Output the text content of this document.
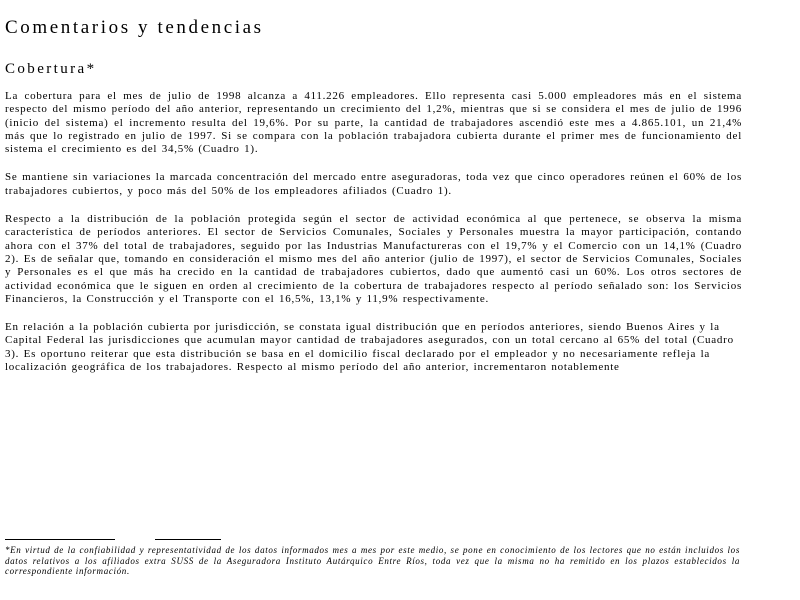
Comentarios y tendencias
Cobertura*

La cobertura para el mes de julio de 1998 alcanza a 411.226 empleadores. Ello representa casi 5.000 empleadores más en el sistema respecto del mismo período del año anterior, representando un crecimiento del 1,2%, mientras que si se considera el mes de julio de 1996 (inicio del sistema) el incremento resulta del 19,6%. Por su parte, la cantidad de trabajadores ascendió este mes a 4.865.101, un 21,4% más que lo registrado en julio de 1997. Si se compara con la población trabajadora cubierta durante el primer mes de funcionamiento del sistema el crecimiento es del 34,5% (Cuadro 1).

Se mantiene sin variaciones la marcada concentración del mercado entre aseguradoras, toda vez que cinco operadores reúnen el 60% de los trabajadores cubiertos, y poco más del 50% de los empleadores afiliados (Cuadro 1).

Respecto a la distribución de la población protegida según el sector de actividad económica al que pertenece, se observa la misma característica de períodos anteriores. El sector de Servicios Comunales, Sociales y Personales muestra la mayor participación, contando ahora con el 37% del total de trabajadores, seguido por las Industrias Manufactureras con el 19,7% y el Comercio con un 14,1% (Cuadro 2). Es de señalar que, tomando en consideración el mismo mes del año anterior (julio de 1997), el sector de Servicios Comunales, Sociales y Personales es el que más ha crecido en la cantidad de trabajadores cubiertos, dado que aumentó casi un 60%. Los otros sectores de actividad económica que le siguen en orden al crecimiento de la cobertura de trabajadores respecto al período señalado son: los Servicios Financieros, la Construcción y el Transporte con el 16,5%, 13,1% y 11,9% respectivamente.

En relación a la población cubierta por jurisdicción, se constata igual distribución que en períodos anteriores, siendo Buenos Aires y la Capital Federal las jurisdicciones que acumulan mayor cantidad de trabajadores asegurados, con un total cercano al 65% del total (Cuadro 3). Es oportuno reiterar que esta distribución se basa en el domicilio fiscal declarado por el empleador y no necesariamente refleja la localización geográfica de los trabajadores. Respecto al mismo período del año anterior, incrementaron notablemente

*En virtud de la confiabilidad y representatividad de los datos informados mes a mes por este medio, se pone en conocimiento de los lectores que no están incluidos los datos relativos a los afiliados extra SUSS de la Aseguradora Instituto Autárquico Entre Ríos, toda vez que la misma no ha remitido en los plazos establecidos la correspondiente información.
